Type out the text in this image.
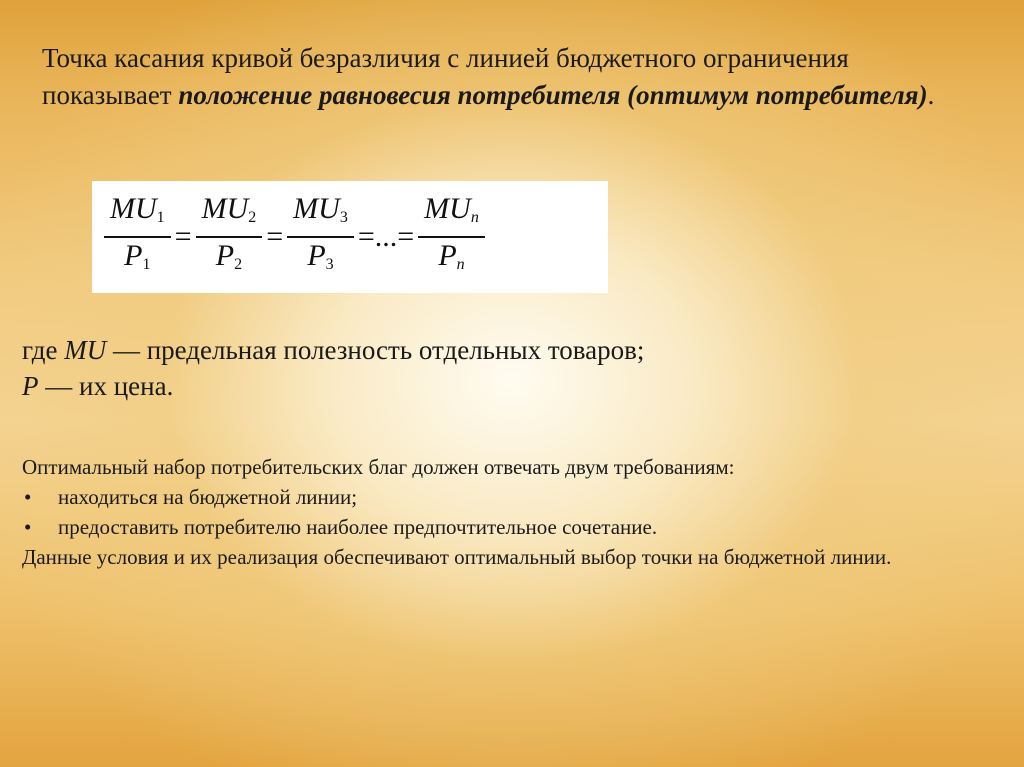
Точка касания кривой безразличия с линией бюджетного ограничения показывает положение равновесия потребителя (оптимум потребителя).

$\frac{MU_1}{P_1} = \frac{MU_2}{P_2} = \frac{MU_3}{P_3}$ =...= $\frac{MU_n}{P_n}$
где MU — предельная полезность отдельных товаров;
P — их цена.

Оптимальный набор потребительских благ должен отвечать двум требованиям:

•	находиться на бюджетной линии;
•	предоставить потребителю наиболее предпочтительное сочетание.

Данные условия и их реализация обеспечивают оптимальный выбор точки на бюджетной линии.
